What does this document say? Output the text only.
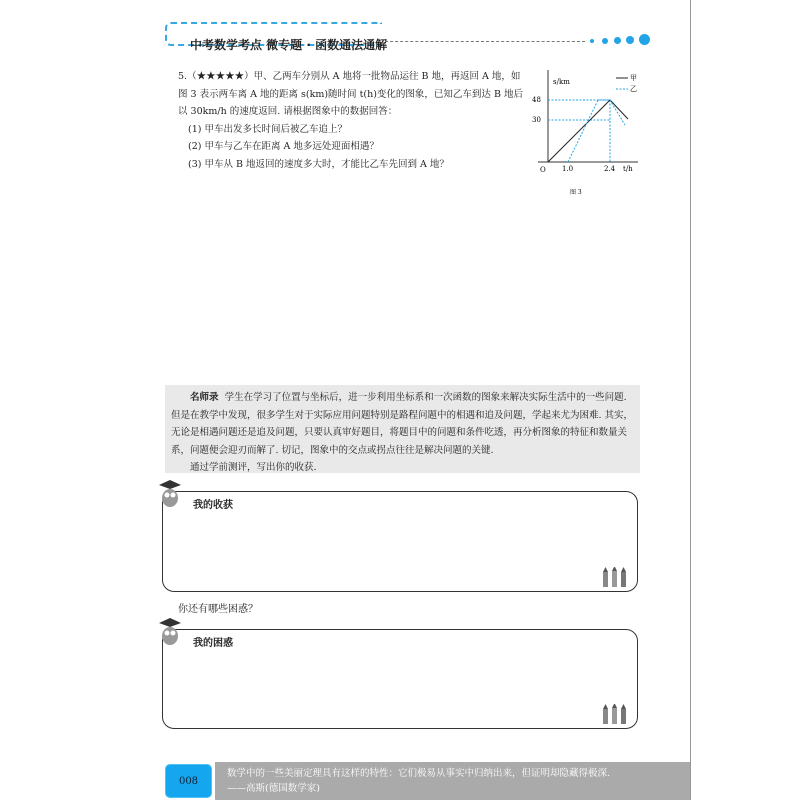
中考数学考点 微专题 · 函数通法通解

5.（★★★★★）甲、乙两车分别从 A 地将一批物品运往 B 地，再返回 A 地，如图 3 表示两车离 A 地的距离 s(km)随时间 t(h)变化的图象，已知乙车到达 B 地后以 30km/h 的速度返回. 请根据图象中的数据回答：

(1) 甲车出发多长时间后被乙车追上？

(2) 甲车与乙车在距离 A 地多远处迎面相遇？

(3) 甲车从 B 地返回的速度多大时，才能比乙车先回到 A 地？

s/km
O
48
30
1.0	2.4 t/h
甲
乙
图 3

名师录 学生在学习了位置与坐标后，进一步利用坐标系和一次函数的图象来解决实际生活中的一些问题. 但是在教学中发现，很多学生对于实际应用问题特别是路程问题中的相遇和追及问题，学起来尤为困难. 其实，无论是相遇问题还是追及问题，只要认真审好题目，将题目中的问题和条件吃透，再分析图象的特征和数量关系，问题便会迎刃而解了. 切记，图象中的交点或拐点往往是解决问题的关键.

通过学前测评，写出你的收获.

我的收获
你还有哪些困惑？
我的困惑
008
数学中的一些美丽定理具有这样的特性：它们极易从事实中归纳出来，但证明却隐藏得极深.
——高斯(德国数学家)
